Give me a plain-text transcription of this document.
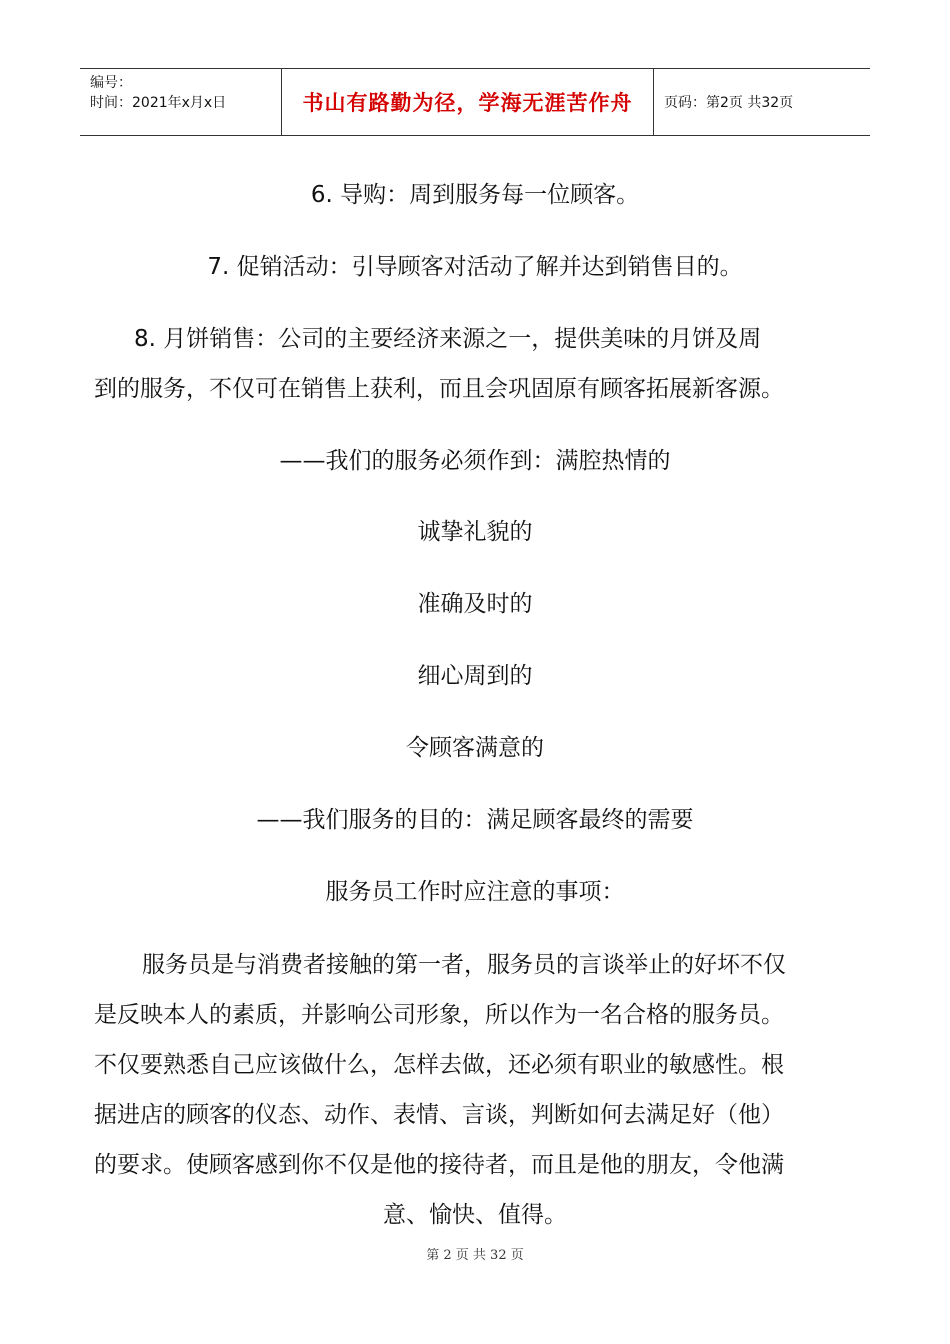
编号：
时间：2021年x月x日	书山有路勤为径，学海无涯苦作舟	页码：第2页 共32页
6. 导购：周到服务每一位顾客。
7. 促销活动：引导顾客对活动了解并达到销售目的。
8. 月饼销售：公司的主要经济来源之一，提供美味的月饼及周
到的服务，不仅可在销售上获利，而且会巩固原有顾客拓展新客源。
——我们的服务必须作到：满腔热情的
诚挚礼貌的
准确及时的
细心周到的
令顾客满意的
——我们服务的目的：满足顾客最终的需要
服务员工作时应注意的事项：
服务员是与消费者接触的第一者，服务员的言谈举止的好坏不仅
是反映本人的素质，并影响公司形象，所以作为一名合格的服务员。
不仅要熟悉自己应该做什么，怎样去做，还必须有职业的敏感性。根
据进店的顾客的仪态、动作、表情、言谈，判断如何去满足好（他）
的要求。使顾客感到你不仅是他的接待者，而且是他的朋友，令他满
意、愉快、值得。
第 2 页 共 32 页
